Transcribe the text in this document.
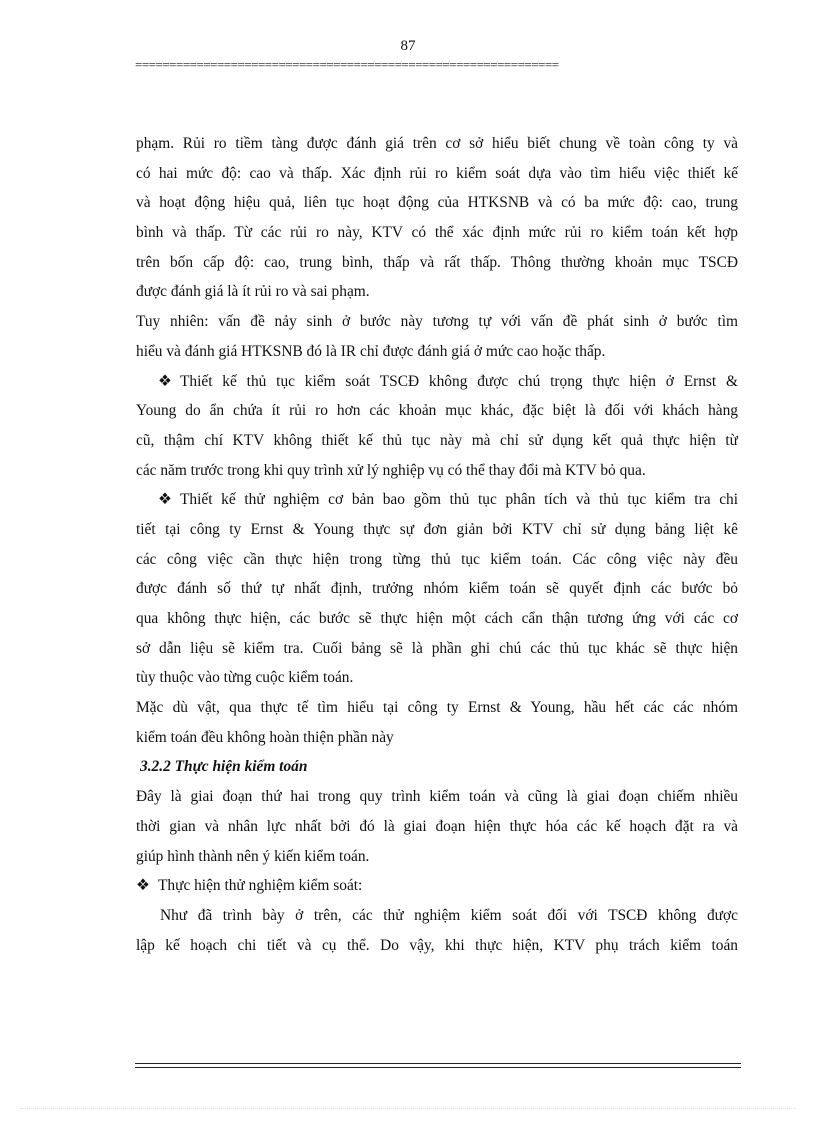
87
==============================================================
phạm. Rủi ro tiềm tàng được đánh giá trên cơ sở hiểu biết chung về toàn công ty và
có hai mức độ: cao và thấp. Xác định rủi ro kiểm soát dựa vào tìm hiểu việc thiết kế
và hoạt động hiệu quả, liên tục hoạt động của HTKSNB và có ba mức độ: cao, trung
bình và thấp. Từ các rủi ro này, KTV có thể xác định mức rủi ro kiểm toán kết hợp
trên bốn cấp độ: cao, trung bình, thấp và rất thấp. Thông thường khoản mục TSCĐ
được đánh giá là ít rủi ro và sai phạm.
Tuy nhiên: vấn đề nảy sinh ở bước này tương tự với vấn đề phát sinh ở bước tìm
hiểu và đánh giá HTKSNB đó là IR chỉ được đánh giá ở mức cao hoặc thấp.
❖ Thiết kế thủ tục kiểm soát TSCĐ không được chú trọng thực hiện ở Ernst &
Young do ẩn chứa ít rủi ro hơn các khoản mục khác, đặc biệt là đối với khách hàng
cũ, thậm chí KTV không thiết kế thủ tục này mà chỉ sử dụng kết quả thực hiện từ
các năm trước trong khi quy trình xử lý nghiệp vụ có thể thay đổi mà KTV bỏ qua.
❖ Thiết kế thử nghiệm cơ bản bao gồm thủ tục phân tích và thủ tục kiểm tra chi
tiết tại công ty Ernst & Young thực sự đơn giản bởi KTV chỉ sử dụng bảng liệt kê
các công việc cần thực hiện trong từng thủ tục kiểm toán. Các công việc này đều
được đánh số thứ tự nhất định, trưởng nhóm kiểm toán sẽ quyết định các bước bỏ
qua không thực hiện, các bước sẽ thực hiện một cách cẩn thận tương ứng với các cơ
sở dẫn liệu sẽ kiểm tra. Cuối bảng sẽ là phần ghi chú các thủ tục khác sẽ thực hiện
tùy thuộc vào từng cuộc kiểm toán.
Mặc dù vật, qua thực tế tìm hiểu tại công ty Ernst & Young, hầu hết các các nhóm
kiểm toán đều không hoàn thiện phần này
3.2.2 Thực hiện kiểm toán
Đây là giai đoạn thứ hai trong quy trình kiểm toán và cũng là giai đoạn chiếm nhiều
thời gian và nhân lực nhất bởi đó là giai đoạn hiện thực hóa các kế hoạch đặt ra và
giúp hình thành nên ý kiến kiểm toán.
❖ Thực hiện thử nghiệm kiểm soát:
Như đã trình bày ở trên, các thử nghiệm kiểm soát đối với TSCĐ không được
lập kế hoạch chi tiết và cụ thể. Do vậy, khi thực hiện, KTV phụ trách kiểm toán
